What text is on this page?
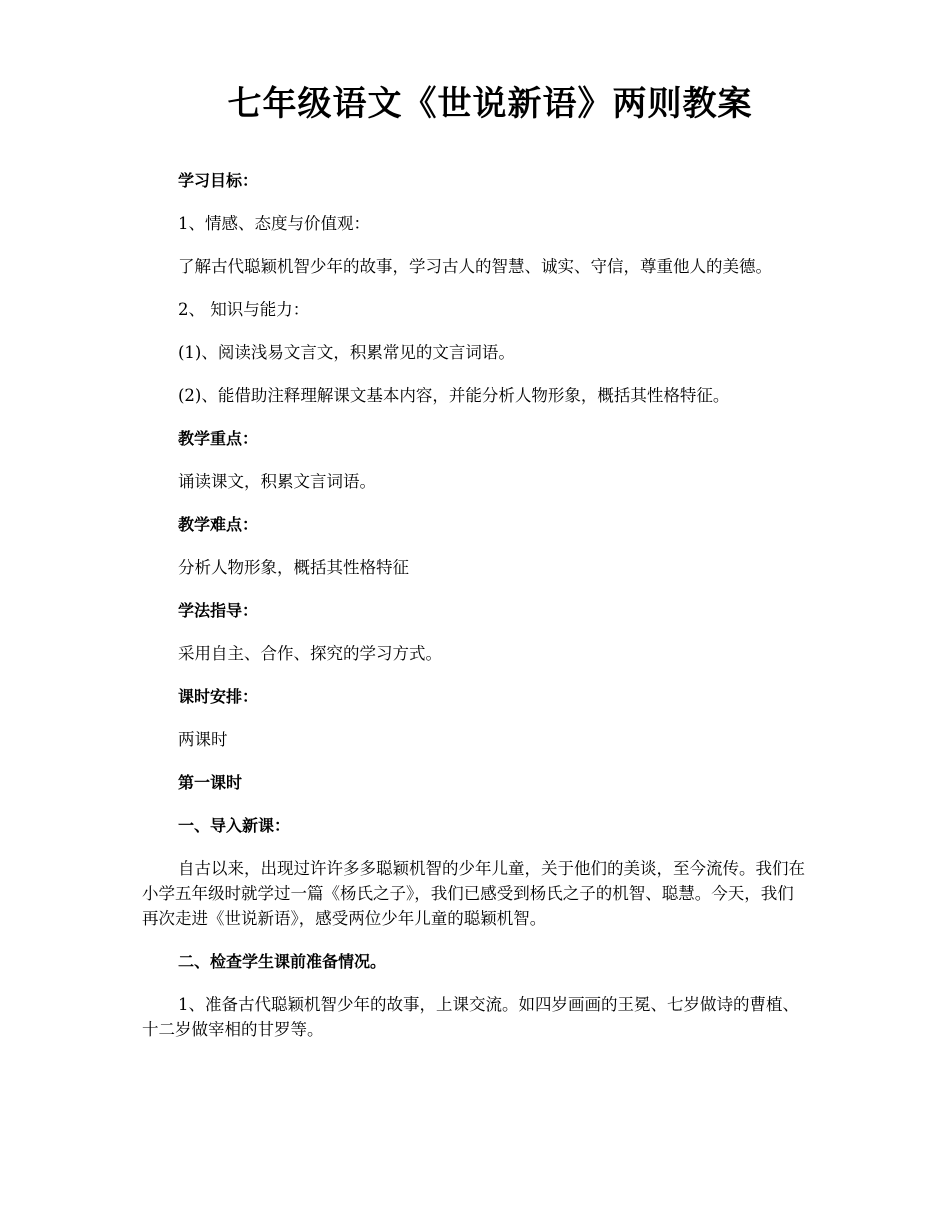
七年级语文《世说新语》两则教案

学习目标：

1、情感、态度与价值观：

了解古代聪颖机智少年的故事，学习古人的智慧、诚实、守信，尊重他人的美德。

2、 知识与能力：

(1)、阅读浅易文言文，积累常见的文言词语。

(2)、能借助注释理解课文基本内容，并能分析人物形象，概括其性格特征。

教学重点：

诵读课文，积累文言词语。

教学难点：

分析人物形象，概括其性格特征

学法指导：

采用自主、合作、探究的学习方式。

课时安排：

两课时

第一课时

一、导入新课：

自古以来，出现过许许多多聪颖机智的少年儿童，关于他们的美谈，至今流传。我们在小学五年级时就学过一篇《杨氏之子》，我们已感受到杨氏之子的机智、聪慧。今天，我们再次走进《世说新语》，感受两位少年儿童的聪颖机智。

二、检查学生课前准备情况。

1、准备古代聪颖机智少年的故事，上课交流。如四岁画画的王冕、七岁做诗的曹植、十二岁做宰相的甘罗等。
